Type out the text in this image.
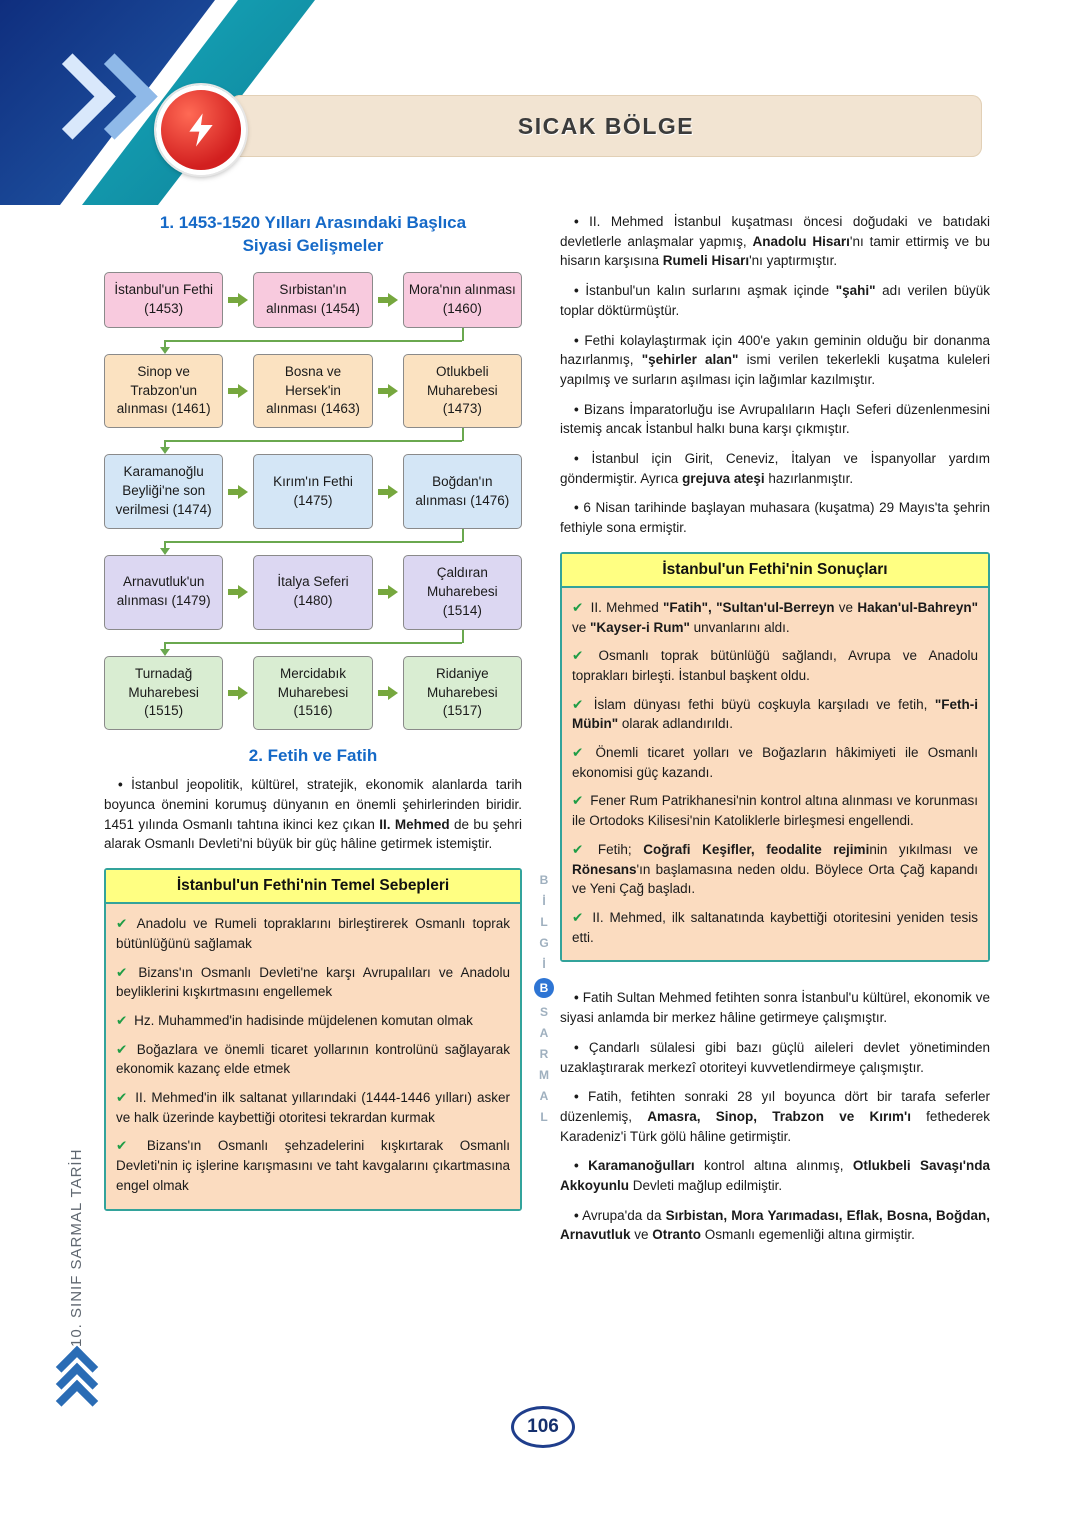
SICAK BÖLGE
10. SINIF SARMAL TARİH
B
İ
L
G
İ
B
S
A
R
M
A
L
106
1. 1453-1520 Yılları Arasındaki Başlıca
Siyasi Gelişmeler
İstanbul'un Fethi (1453)
Sırbistan'ın alınması (1454)
Mora'nın alınması (1460)
Sinop ve Trabzon'un alınması (1461)
Bosna ve Hersek'in alınması (1463)
Otlukbeli Muharebesi (1473)
Karamanoğlu Beyliği'ne son verilmesi (1474)
Kırım'ın Fethi (1475)
Boğdan'ın alınması (1476)
Arnavutluk'un alınması (1479)
İtalya Seferi (1480)
Çaldıran Muharebesi (1514)
Turnadağ Muharebesi (1515)
Mercidabık Muharebesi (1516)
Ridaniye Muharebesi (1517)
2. Fetih ve Fatih

• İstanbul jeopolitik, kültürel, stratejik, ekonomik alanlarda tarih boyunca önemini korumuş dünyanın en önemli şehirlerinden biridir. 1451 yılında Osmanlı tahtına ikinci kez çıkan II. Mehmed de bu şehri alarak Osmanlı Devleti'ni büyük bir güç hâline getirmek istemiştir.

İstanbul'un Fethi'nin Temel Sebepleri

✔ Anadolu ve Rumeli topraklarını birleştirerek Osmanlı toprak bütünlüğünü sağlamak

✔ Bizans'ın Osmanlı Devleti'ne karşı Avrupalıları ve Anadolu beyliklerini kışkırtmasını engellemek

✔ Hz. Muhammed'in hadisinde müjdelenen komutan olmak

✔ Boğazlara ve önemli ticaret yollarının kontrolünü sağlayarak ekonomik kazanç elde etmek

✔ II. Mehmed'in ilk saltanat yıllarındaki (1444-1446 yılları) asker ve halk üzerinde kaybettiği otoritesi tekrardan kurmak

✔ Bizans'ın Osmanlı şehzadelerini kışkırtarak Osmanlı Devleti'nin iç işlerine karışmasını ve taht kavgalarını çıkartmasına engel olmak

• II. Mehmed İstanbul kuşatması öncesi doğudaki ve batıdaki devletlerle anlaşmalar yapmış, Anadolu Hisarı'nı tamir ettirmiş ve bu hisarın karşısına Rumeli Hisarı'nı yaptırmıştır.

• İstanbul'un kalın surlarını aşmak içinde "şahi" adı verilen büyük toplar döktürmüştür.

• Fethi kolaylaştırmak için 400'e yakın geminin olduğu bir donanma hazırlanmış, "şehirler alan" ismi verilen tekerlekli kuşatma kuleleri yapılmış ve surların aşılması için lağımlar kazılmıştır.

• Bizans İmparatorluğu ise Avrupalıların Haçlı Seferi düzenlenmesini istemiş ancak İstanbul halkı buna karşı çıkmıştır.

• İstanbul için Girit, Ceneviz, İtalyan ve İspanyollar yardım göndermiştir. Ayrıca grejuva ateşi hazırlanmıştır.

• 6 Nisan tarihinde başlayan muhasara (kuşatma) 29 Mayıs'ta şehrin fethiyle sona ermiştir.

İstanbul'un Fethi'nin Sonuçları

✔ II. Mehmed "Fatih", "Sultan'ul-Berreyn ve Hakan'ul-Bahreyn" ve "Kayser-i Rum" unvanlarını aldı.

✔ Osmanlı toprak bütünlüğü sağlandı, Avrupa ve Anadolu toprakları birleşti. İstanbul başkent oldu.

✔ İslam dünyası fethi büyü coşkuyla karşıladı ve fetih, "Feth-i Mübin" olarak adlandırıldı.

✔ Önemli ticaret yolları ve Boğazların hâkimiyeti ile Osmanlı ekonomisi güç kazandı.

✔ Fener Rum Patrikhanesi'nin kontrol altına alınması ve korunması ile Ortodoks Kilisesi'nin Katoliklerle birleşmesi engellendi.

✔ Fetih; Coğrafi Keşifler, feodalite rejiminin yıkılması ve Rönesans'ın başlamasına neden oldu. Böylece Orta Çağ kapandı ve Yeni Çağ başladı.

✔ II. Mehmed, ilk saltanatında kaybettiği otoritesini yeniden tesis etti.

• Fatih Sultan Mehmed fetihten sonra İstanbul'u kültürel, ekonomik ve siyasi anlamda bir merkez hâline getirmeye çalışmıştır.

• Çandarlı sülalesi gibi bazı güçlü aileleri devlet yönetiminden uzaklaştırarak merkezî otoriteyi kuvvetlendirmeye çalışmıştır.

• Fatih, fetihten sonraki 28 yıl boyunca dört bir tarafa seferler düzenlemiş, Amasra, Sinop, Trabzon ve Kırım'ı fethederek Karadeniz'i Türk gölü hâline getirmiştir.

• Karamanoğulları kontrol altına alınmış, Otlukbeli Savaşı'nda Akkoyunlu Devleti mağlup edilmiştir.

• Avrupa'da da Sırbistan, Mora Yarımadası, Eflak, Bosna, Boğdan, Arnavutluk ve Otranto Osmanlı egemenliği altına girmiştir.
